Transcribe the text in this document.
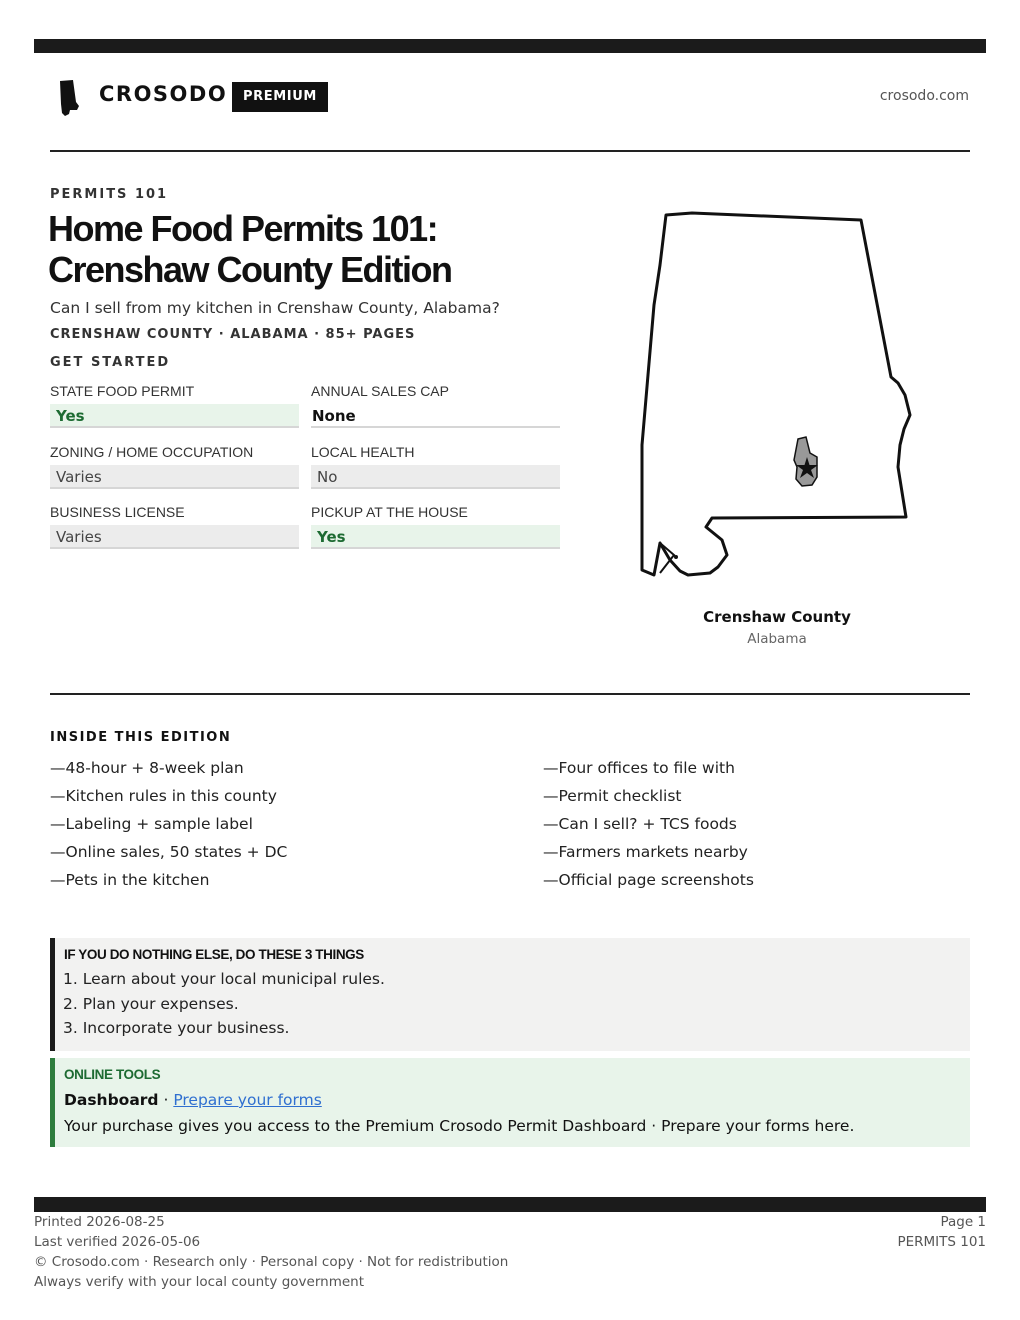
CROSODO	PREMIUM	crosodo.com
PERMITS 101
Home Food Permits 101:
Crenshaw County Edition
Can I sell from my kitchen in Crenshaw County, Alabama?
CRENSHAW COUNTY · ALABAMA · 85+ PAGES
GET STARTED
STATE FOOD PERMIT
Yes
ANNUAL SALES CAP
None
ZONING / HOME OCCUPATION
Varies
LOCAL HEALTH
No
BUSINESS LICENSE
Varies
PICKUP AT THE HOUSE
Yes
Crenshaw County
Alabama
INSIDE THIS EDITION
—48-hour + 8-week plan
—Kitchen rules in this county
—Labeling + sample label
—Online sales, 50 states + DC
—Pets in the kitchen
—Four offices to file with
—Permit checklist
—Can I sell? + TCS foods
—Farmers markets nearby
—Official page screenshots
IF YOU DO NOTHING ELSE, DO THESE 3 THINGS
1. Learn about your local municipal rules.
2. Plan your expenses.
3. Incorporate your business.
ONLINE TOOLS
Dashboard · Prepare your forms
Your purchase gives you access to the Premium Crosodo Permit Dashboard · Prepare your forms here.
Printed 2026-08-25
Last verified 2026-05-06
© Crosodo.com · Research only · Personal copy · Not for redistribution
Always verify with your local county government
Page 1
PERMITS 101
